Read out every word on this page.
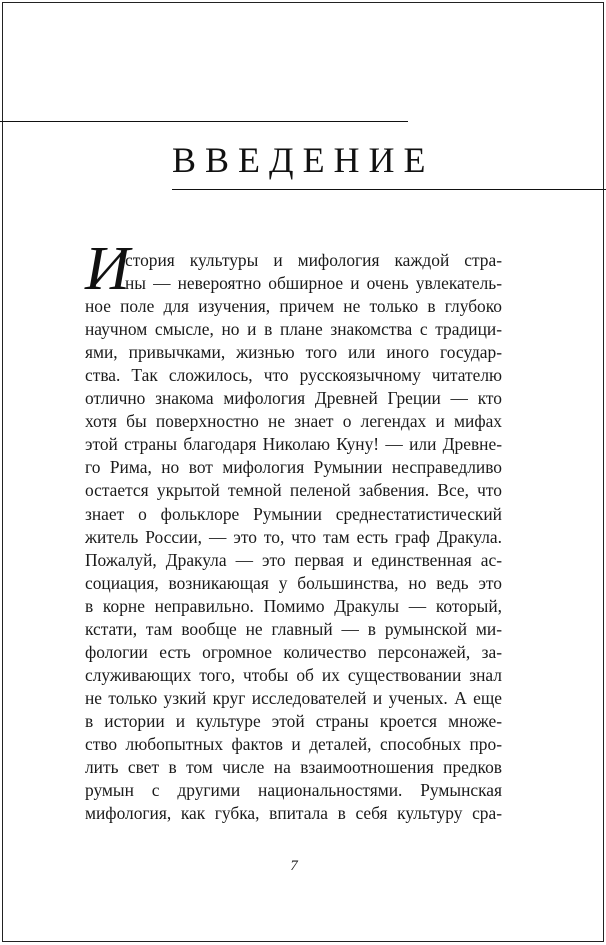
ВВЕДЕНИЕ
И
стория культуры и мифология каждой стра-
ны — невероятно обширное и очень увлекатель-
ное поле для изучения, причем не только в глубоко
научном смысле, но и в плане знакомства с традици-
ями, привычками, жизнью того или иного государ-
ства. Так сложилось, что русскоязычному читателю
отлично знакома мифология Древней Греции — кто
хотя бы поверхностно не знает о легендах и мифах
этой страны благодаря Николаю Куну! — или Древне-
го Рима, но вот мифология Румынии несправедливо
остается укрытой темной пеленой забвения. Все, что
знает о фольклоре Румынии среднестатистический
житель России, — это то, что там есть граф Дракула.
Пожалуй, Дракула — это первая и единственная ас-
социация, возникающая у большинства, но ведь это
в корне неправильно. Помимо Дракулы — который,
кстати, там вообще не главный — в румынской ми-
фологии есть огромное количество персонажей, за-
служивающих того, чтобы об их существовании знал
не только узкий круг исследователей и ученых. А еще
в истории и культуре этой страны кроется множе-
ство любопытных фактов и деталей, способных про-
лить свет в том числе на взаимоотношения предков
румын с другими национальностями. Румынская
мифология, как губка, впитала в себя культуру сра-
7
